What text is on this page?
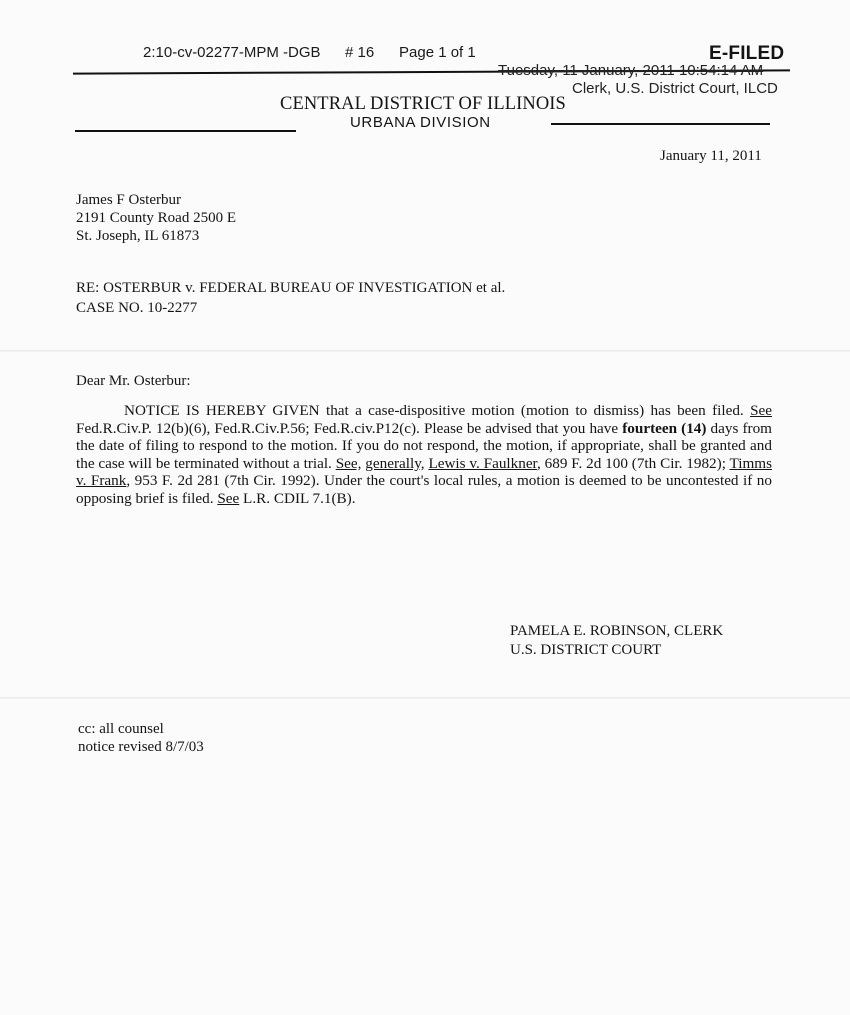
2:10-cv-02277-MPM -DGB # 16 Page 1 of 1	E-FILED
Tuesday, 11 January, 2011 10:54:14 AM
Clerk, U.S. District Court, ILCD
CENTRAL DISTRICT OF ILLINOIS
URBANA DIVISION
January 11, 2011
James F Osterbur
2191 County Road 2500 E
St. Joseph, IL 61873
RE: OSTERBUR v. FEDERAL BUREAU OF INVESTIGATION et al.
CASE NO. 10-2277
Dear Mr. Osterbur:
NOTICE IS HEREBY GIVEN that a case-dispositive motion (motion to dismiss) has been filed. See Fed.R.Civ.P. 12(b)(6), Fed.R.Civ.P.56; Fed.R.civ.P12(c). Please be advised that you have fourteen (14) days from the date of filing to respond to the motion. If you do not respond, the motion, if appropriate, shall be granted and the case will be terminated without a trial. See, generally, Lewis v. Faulkner, 689 F. 2d 100 (7th Cir. 1982); Timms v. Frank, 953 F. 2d 281 (7th Cir. 1992). Under the court's local rules, a motion is deemed to be uncontested if no opposing brief is filed. See L.R. CDIL 7.1(B).
PAMELA E. ROBINSON, CLERK
U.S. DISTRICT COURT
cc: all counsel
notice revised 8/7/03
